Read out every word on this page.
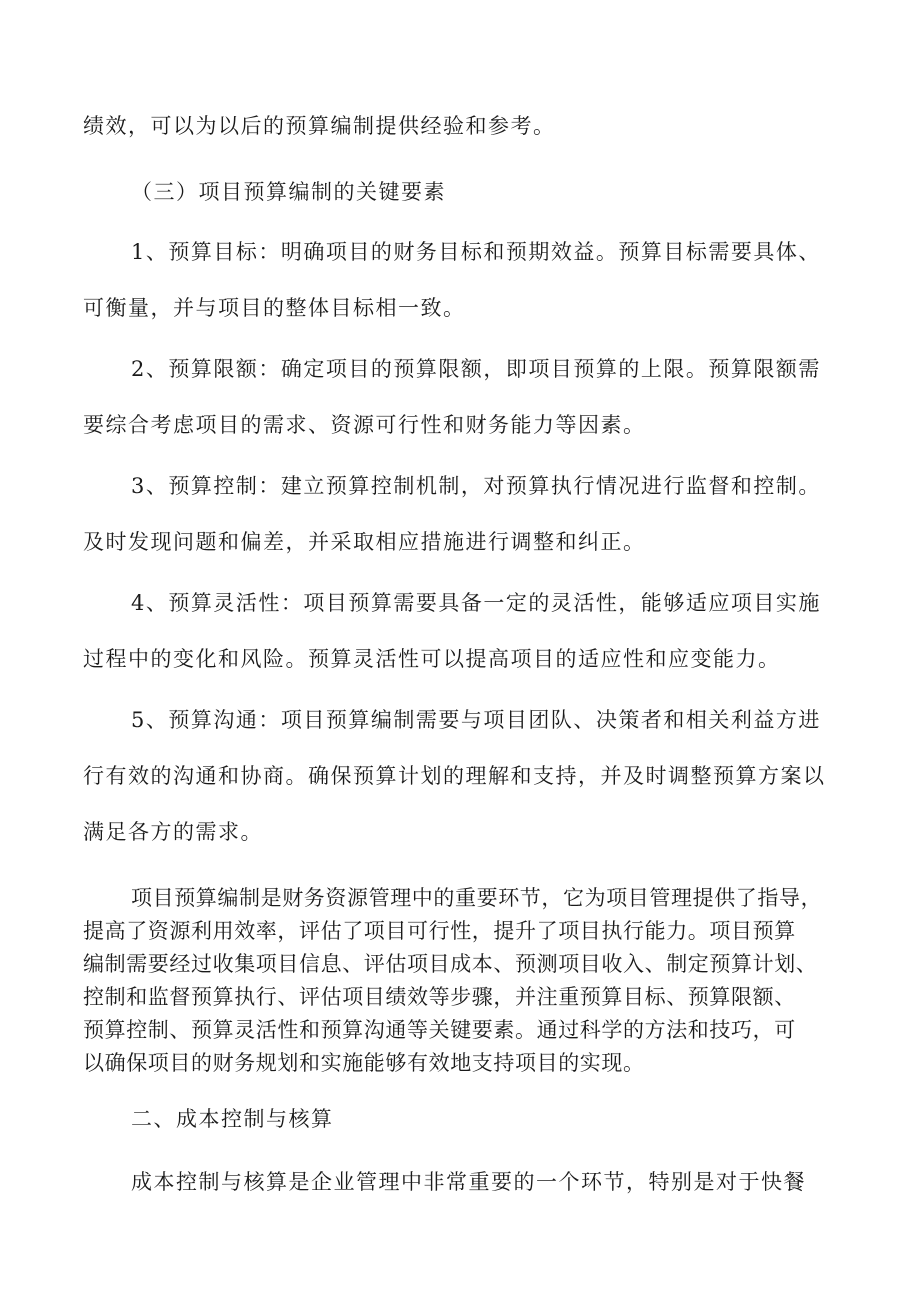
绩效，可以为以后的预算编制提供经验和参考。
（三）项目预算编制的关键要素
1、预算目标：明确项目的财务目标和预期效益。预算目标需要具体、
可衡量，并与项目的整体目标相一致。
2、预算限额：确定项目的预算限额，即项目预算的上限。预算限额需
要综合考虑项目的需求、资源可行性和财务能力等因素。
3、预算控制：建立预算控制机制，对预算执行情况进行监督和控制。
及时发现问题和偏差，并采取相应措施进行调整和纠正。
4、预算灵活性：项目预算需要具备一定的灵活性，能够适应项目实施
过程中的变化和风险。预算灵活性可以提高项目的适应性和应变能力。
5、预算沟通：项目预算编制需要与项目团队、决策者和相关利益方进
行有效的沟通和协商。确保预算计划的理解和支持，并及时调整预算方案以
满足各方的需求。
项目预算编制是财务资源管理中的重要环节，它为项目管理提供了指导，
提高了资源利用效率，评估了项目可行性，提升了项目执行能力。项目预算
编制需要经过收集项目信息、评估项目成本、预测项目收入、制定预算计划、
控制和监督预算执行、评估项目绩效等步骤，并注重预算目标、预算限额、
预算控制、预算灵活性和预算沟通等关键要素。通过科学的方法和技巧，可
以确保项目的财务规划和实施能够有效地支持项目的实现。
二、成本控制与核算
成本控制与核算是企业管理中非常重要的一个环节，特别是对于快餐
